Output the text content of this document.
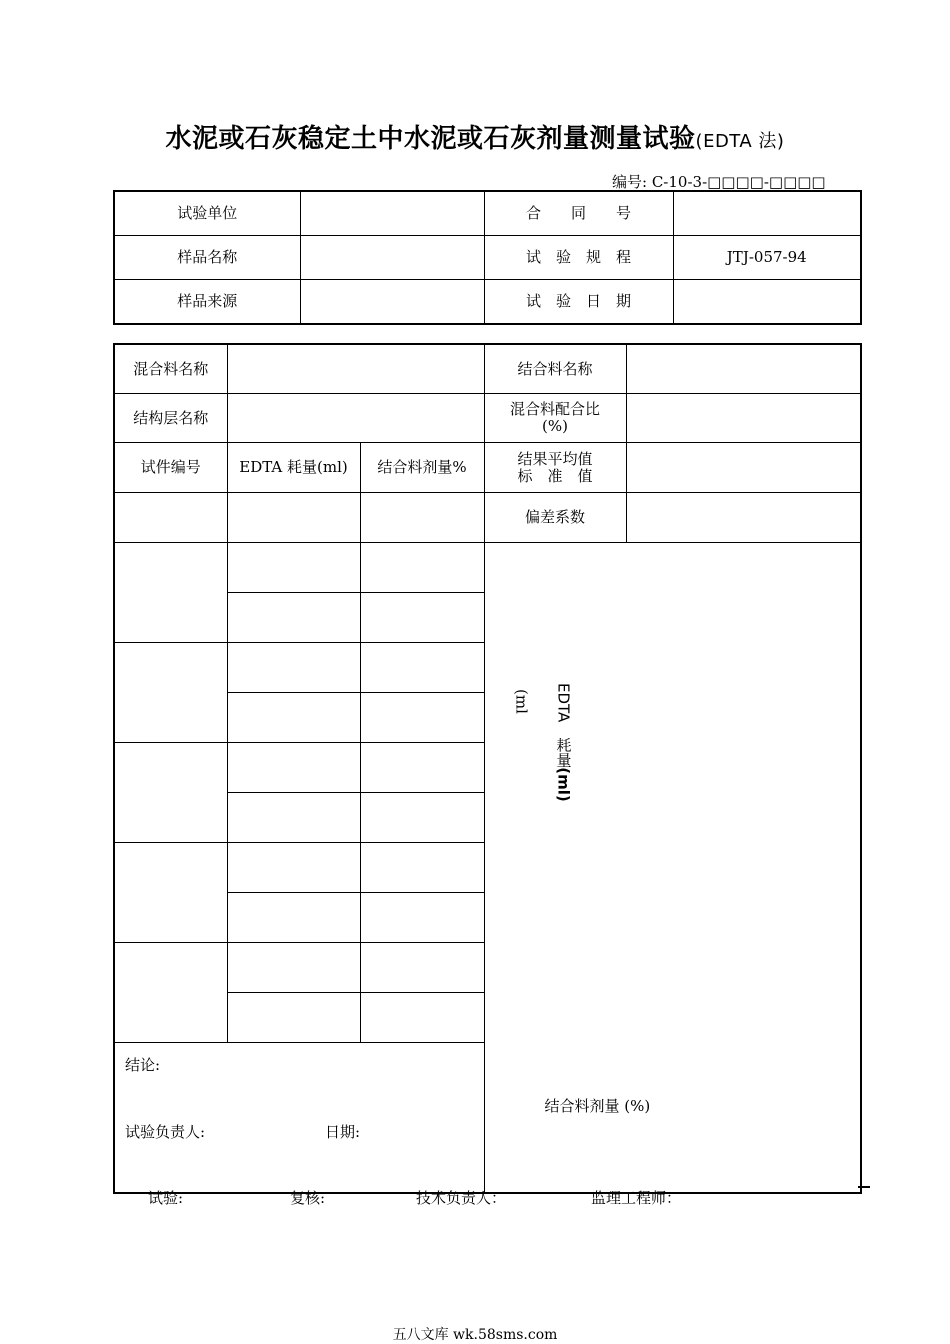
水泥或石灰稳定土中水泥或石灰剂量测量试验(EDTA 法)
编号: C-10-3-□□□□-□□□□
试验单位		合　　同　　号	
样品名称		试　验　规　程	JTJ-057-94
样品来源		试　验　日　期	
混合料名称			结合料名称	
结构层名称			混合料配合比
(%)	
试件编号	EDTA 耗量(ml)	结合料剂量%	结果平均值
标　准　值	
			偏差系数	

			(ml EDTA　耗量(ml)
结合料剂量 (%)	

结论:
试验负责人: 日期:				
试验:	复核:	技术负责人：	监理工程师：
五八文库 wk.58sms.com
